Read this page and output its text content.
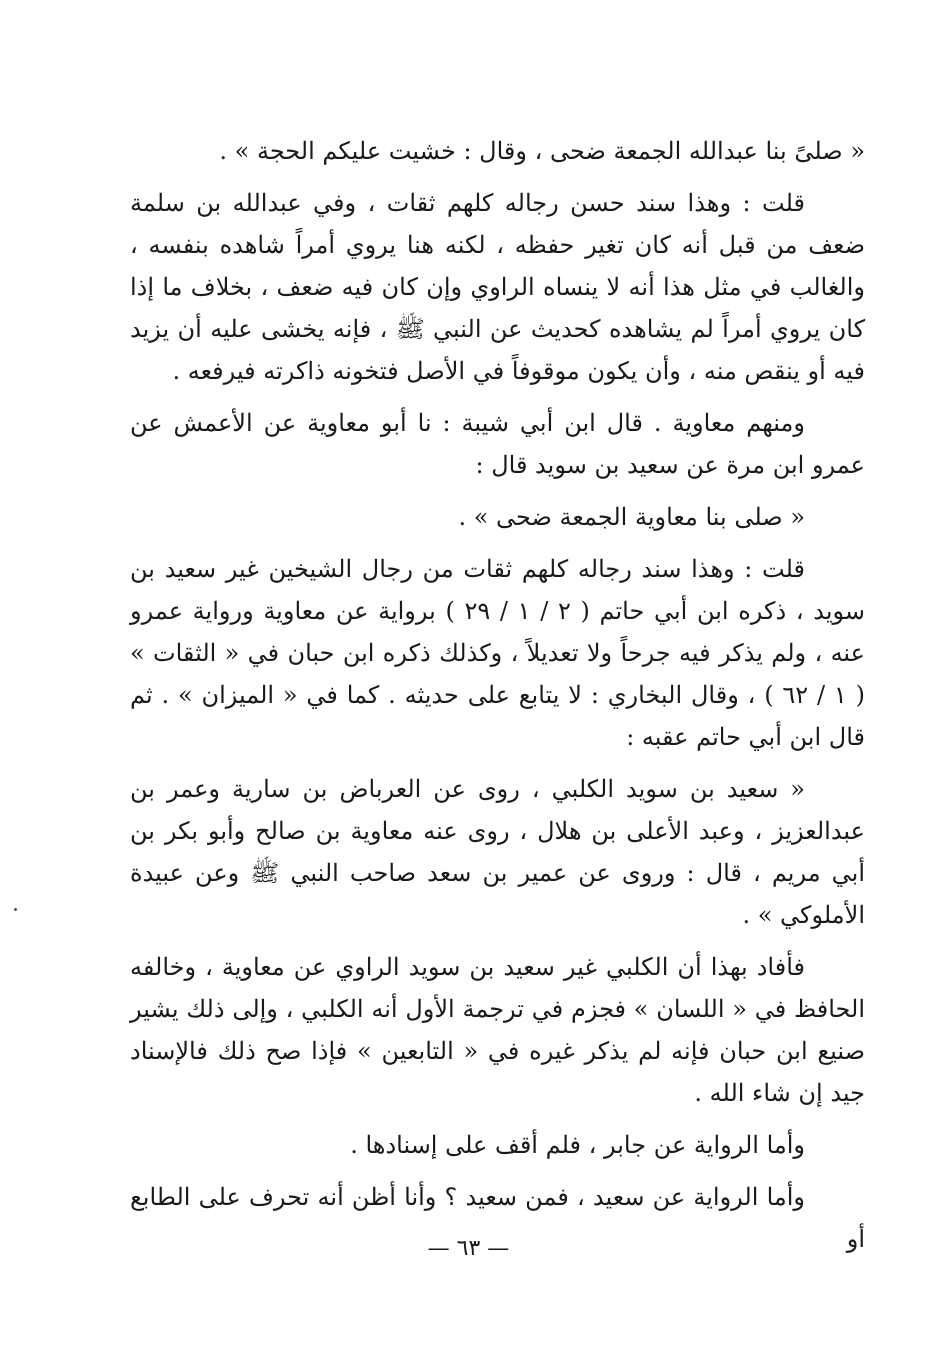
« صلىً بنا عبدالله الجمعة ضحى ، وقال : خشيت عليكم الحجة » .

قلت : وهذا سند حسن رجاله كلهم ثقات ، وفي عبدالله بن سلمة ضعف من قبل أنه كان تغير حفظه ، لكنه هنا يروي أمراً شاهده بنفسه ، والغالب في مثل هذا أنه لا ينساه الراوي وإن كان فيه ضعف ، بخلاف ما إذا كان يروي أمراً لم يشاهده كحديث عن النبي ﷺ ، فإنه يخشى عليه أن يزيد فيه أو ينقص منه ، وأن يكون موقوفاً في الأصل فتخونه ذاكرته فيرفعه .

ومنهم معاوية . قال ابن أبي شيبة : نا أبو معاوية عن الأعمش عن عمرو ابن مرة عن سعيد بن سويد قال :

« صلى بنا معاوية الجمعة ضحى » .

قلت : وهذا سند رجاله كلهم ثقات من رجال الشيخين غير سعيد بن سويد ، ذكره ابن أبي حاتم ( ٢ / ١ / ٢٩ ) برواية عن معاوية ورواية عمرو عنه ، ولم يذكر فيه جرحاً ولا تعديلاً ، وكذلك ذكره ابن حبان في « الثقات » ( ١ / ٦٢ ) ، وقال البخاري : لا يتابع على حديثه . كما في « الميزان » . ثم قال ابن أبي حاتم عقبه :

« سعيد بن سويد الكلبي ، روى عن العرباض بن سارية وعمر بن عبدالعزيز ، وعبد الأعلى بن هلال ، روى عنه معاوية بن صالح وأبو بكر بن أبي مريم ، قال : وروى عن عمير بن سعد صاحب النبي ﷺ وعن عبيدة الأملوكي » .

فأفاد بهذا أن الكلبي غير سعيد بن سويد الراوي عن معاوية ، وخالفه الحافظ في « اللسان » فجزم في ترجمة الأول أنه الكلبي ، وإلى ذلك يشير صنيع ابن حبان فإنه لم يذكر غيره في « التابعين » فإذا صح ذلك فالإسناد جيد إن شاء الله .

وأما الرواية عن جابر ، فلم أقف على إسنادها .

وأما الرواية عن سعيد ، فمن سعيد ؟ وأنا أظن أنه تحرف على الطابع أو

— ٦٣ —
